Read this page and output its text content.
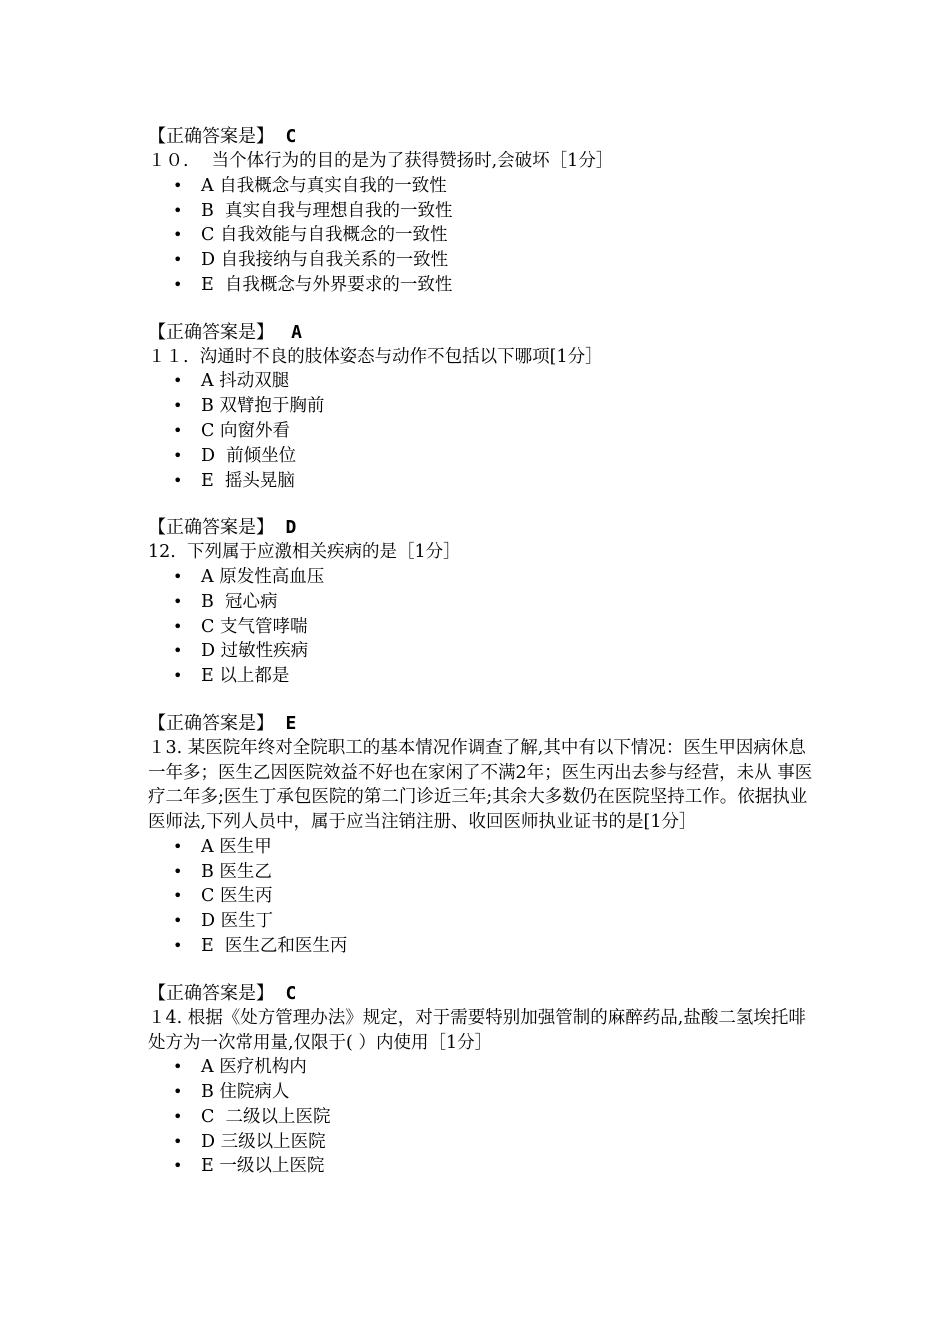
【正确答案是】 C
１０.　 当个体行为的目的是为了获得赞扬时,会破坏［1分］
• A 自我概念与真实自我的一致性
• B  真实自我与理想自我的一致性
• C 自我效能与自我概念的一致性
• D 自我接纳与自我关系的一致性
• E  自我概念与外界要求的一致性
【正确答案是】 A
１１.  沟通时不良的肢体姿态与动作不包括以下哪项[1分］
• A 抖动双腿
• B 双臂抱于胸前
• C 向窗外看
• D  前倾坐位
• E  摇头晃脑
【正确答案是】 D
12.  下列属于应激相关疾病的是［1分］
• A 原发性高血压
• B  冠心病
• C 支气管哮喘
• D 过敏性疾病
• E 以上都是
【正确答案是】 E
１3. 某医院年终对全院职工的基本情况作调查了解,其中有以下情况：医生甲因病休息一年多；医生乙因医院效益不好也在家闲了不满2年；医生丙出去参与经营，未从 事医疗二年多;医生丁承包医院的第二门诊近三年;其余大多数仍在医院坚持工作。依据执业医师法,下列人员中，属于应当注销注册、收回医师执业证书的是[1分］
• A 医生甲
• B 医生乙
• C 医生丙
• D 医生丁
• E  医生乙和医生丙
【正确答案是】 C
１4. 根据《处方管理办法》规定，对于需要特别加强管制的麻醉药品,盐酸二氢埃托啡处方为一次常用量,仅限于( ）内使用［1分］
• A 医疗机构内
• B 住院病人
• C  二级以上医院
• D 三级以上医院
• E 一级以上医院
